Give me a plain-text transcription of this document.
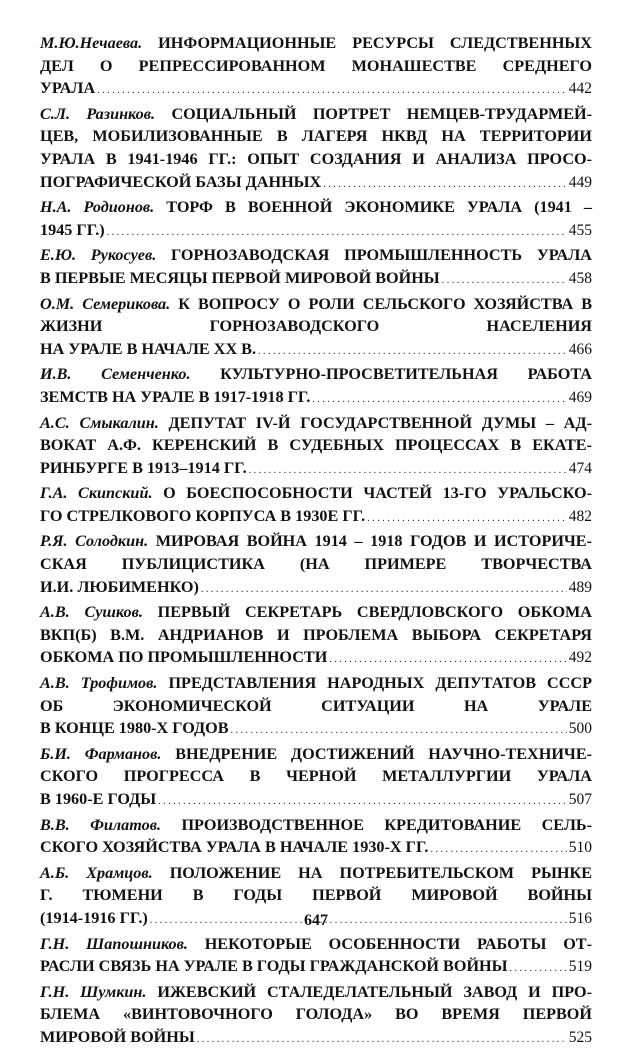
М.Ю.Нечаева. ИНФОРМАЦИОННЫЕ РЕСУРСЫ СЛЕДСТВЕННЫХ
ДЕЛ О РЕПРЕССИРОВАННОМ МОНАШЕСТВЕ СРЕДНЕГО
УРАЛА . . .	442
С.Л. Разинков. СОЦИАЛЬНЫЙ ПОРТРЕТ НЕМЦЕВ-ТРУДАРМЕЙ-
ЦЕВ, МОБИЛИЗОВАННЫЕ В ЛАГЕРЯ НКВД НА ТЕРРИТОРИИ
УРАЛА В 1941-1946 ГГ.: ОПЫТ СОЗДАНИЯ И АНАЛИЗА ПРОСО-
ПОГРАФИЧЕСКОЙ БАЗЫ ДАННЫХ . . .	449
Н.А. Родионов. ТОРФ В ВОЕННОЙ ЭКОНОМИКЕ УРАЛА (1941 –
1945 ГГ.) . . .	455
Е.Ю. Рукосуев. ГОРНОЗАВОДСКАЯ ПРОМЫШЛЕННОСТЬ УРАЛА
В ПЕРВЫЕ МЕСЯЦЫ ПЕРВОЙ МИРОВОЙ ВОЙНЫ . . .	458
О.М. Семерикова. К ВОПРОСУ О РОЛИ СЕЛЬСКОГО ХОЗЯЙСТВА В
ЖИЗНИ ГОРНОЗАВОДСКОГО НАСЕЛЕНИЯ
НА УРАЛЕ В НАЧАЛЕ ХХ В. . . .	466
И.В. Семенченко. КУЛЬТУРНО-ПРОСВЕТИТЕЛЬНАЯ РАБОТА
ЗЕМСТВ НА УРАЛЕ В 1917-1918 ГГ. . . .	469
А.С. Смыкалин. ДЕПУТАТ IV-Й ГОСУДАРСТВЕННОЙ ДУМЫ – АД-
ВОКАТ А.Ф. КЕРЕНСКИЙ В СУДЕБНЫХ ПРОЦЕССАХ В ЕКАТЕ-
РИНБУРГЕ В 1913–1914 ГГ. . . .	474
Г.А. Скипский. О БОЕСПОСОБНОСТИ ЧАСТЕЙ 13-ГО УРАЛЬСКО-
ГО СТРЕЛКОВОГО КОРПУСА В 1930Е ГГ. . . .	482
Р.Я. Солодкин. МИРОВАЯ ВОЙНА 1914 – 1918 ГОДОВ И ИСТОРИЧЕ-
СКАЯ ПУБЛИЦИСТИКА (НА ПРИМЕРЕ ТВОРЧЕСТВА
И.И. ЛЮБИМЕНКО) . . .	489
А.В. Сушков. ПЕРВЫЙ СЕКРЕТАРЬ СВЕРДЛОВСКОГО ОБКОМА
ВКП(Б) В.М. АНДРИАНОВ И ПРОБЛЕМА ВЫБОРА СЕКРЕТАРЯ
ОБКОМА ПО ПРОМЫШЛЕННОСТИ . . .	492
А.В. Трофимов. ПРЕДСТАВЛЕНИЯ НАРОДНЫХ ДЕПУТАТОВ СССР
ОБ ЭКОНОМИЧЕСКОЙ СИТУАЦИИ НА УРАЛЕ
В КОНЦЕ 1980-Х ГОДОВ . . .	500
Б.И. Фарманов. ВНЕДРЕНИЕ ДОСТИЖЕНИЙ НАУЧНО-ТЕХНИЧЕ-
СКОГО ПРОГРЕССА В ЧЕРНОЙ МЕТАЛЛУРГИИ УРАЛА
В 1960-Е ГОДЫ . . .	507
В.В. Филатов. ПРОИЗВОДСТВЕННОЕ КРЕДИТОВАНИЕ СЕЛЬ-
СКОГО ХОЗЯЙСТВА УРАЛА В НАЧАЛЕ 1930-Х ГГ. . . .	510
А.Б. Храмцов. ПОЛОЖЕНИЕ НА ПОТРЕБИТЕЛЬСКОМ РЫНКЕ
Г. ТЮМЕНИ В ГОДЫ ПЕРВОЙ МИРОВОЙ ВОЙНЫ
(1914-1916 ГГ.) . . .	516
Г.Н. Шапошников. НЕКОТОРЫЕ ОСОБЕННОСТИ РАБОТЫ ОТ-
РАСЛИ СВЯЗЬ НА УРАЛЕ В ГОДЫ ГРАЖДАНСКОЙ ВОЙНЫ . . .	519
Г.Н. Шумкин. ИЖЕВСКИЙ СТАЛЕДЕЛАТЕЛЬНЫЙ ЗАВОД И ПРО-
БЛЕМА «ВИНТОВОЧНОГО ГОЛОДА» ВО ВРЕМЯ ПЕРВОЙ
МИРОВОЙ ВОЙНЫ . . .	525
647
